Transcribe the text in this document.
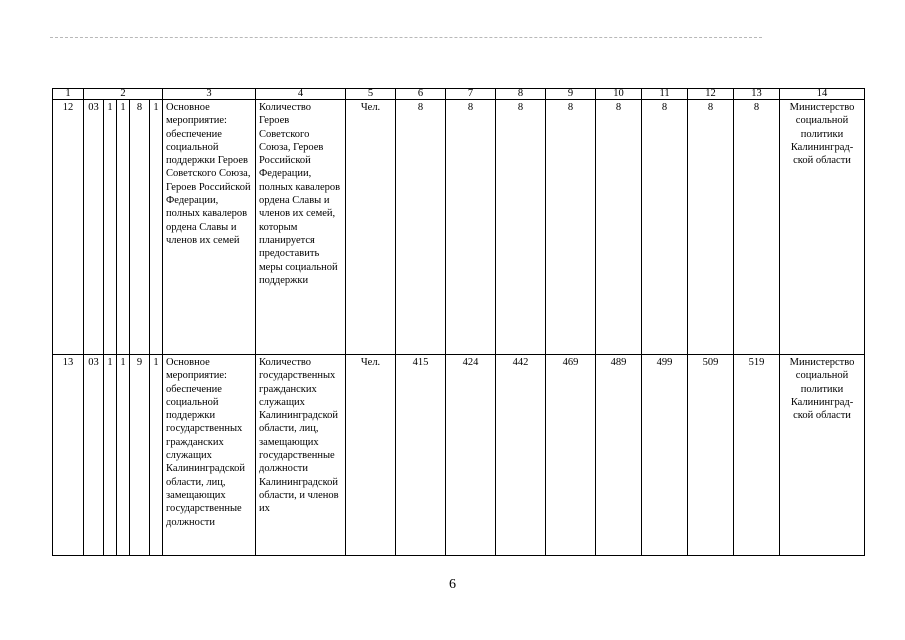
1	2					3	4	5	6	7	8	9	10	11	12	13	14
12	03	1	1	8	1	Основное мероприятие: обеспечение социальной поддержки Героев Советского Союза, Героев Российской Федерации, полных кавалеров ордена Славы и членов их семей	Количество Героев Советского Союза, Героев Российской Федерации, полных кавалеров ордена Славы и членов их семей, которым планируется предоставить меры социальной поддержки	Чел.	8	8	8	8	8	8	8	8	Министерство социальной политики Калининградской области
13	03	1	1	9	1	Основное мероприятие: обеспечение социальной поддержки государственных гражданских служащих Калининградской области, лиц, замещающих государственные должности	Количество государственных гражданских служащих Калининградской области, лиц, замещающих государственные должности Калининградской области, и членов их	Чел.	415	424	442	469	489	499	509	519	Министерство социальной политики Калининградской области
6
